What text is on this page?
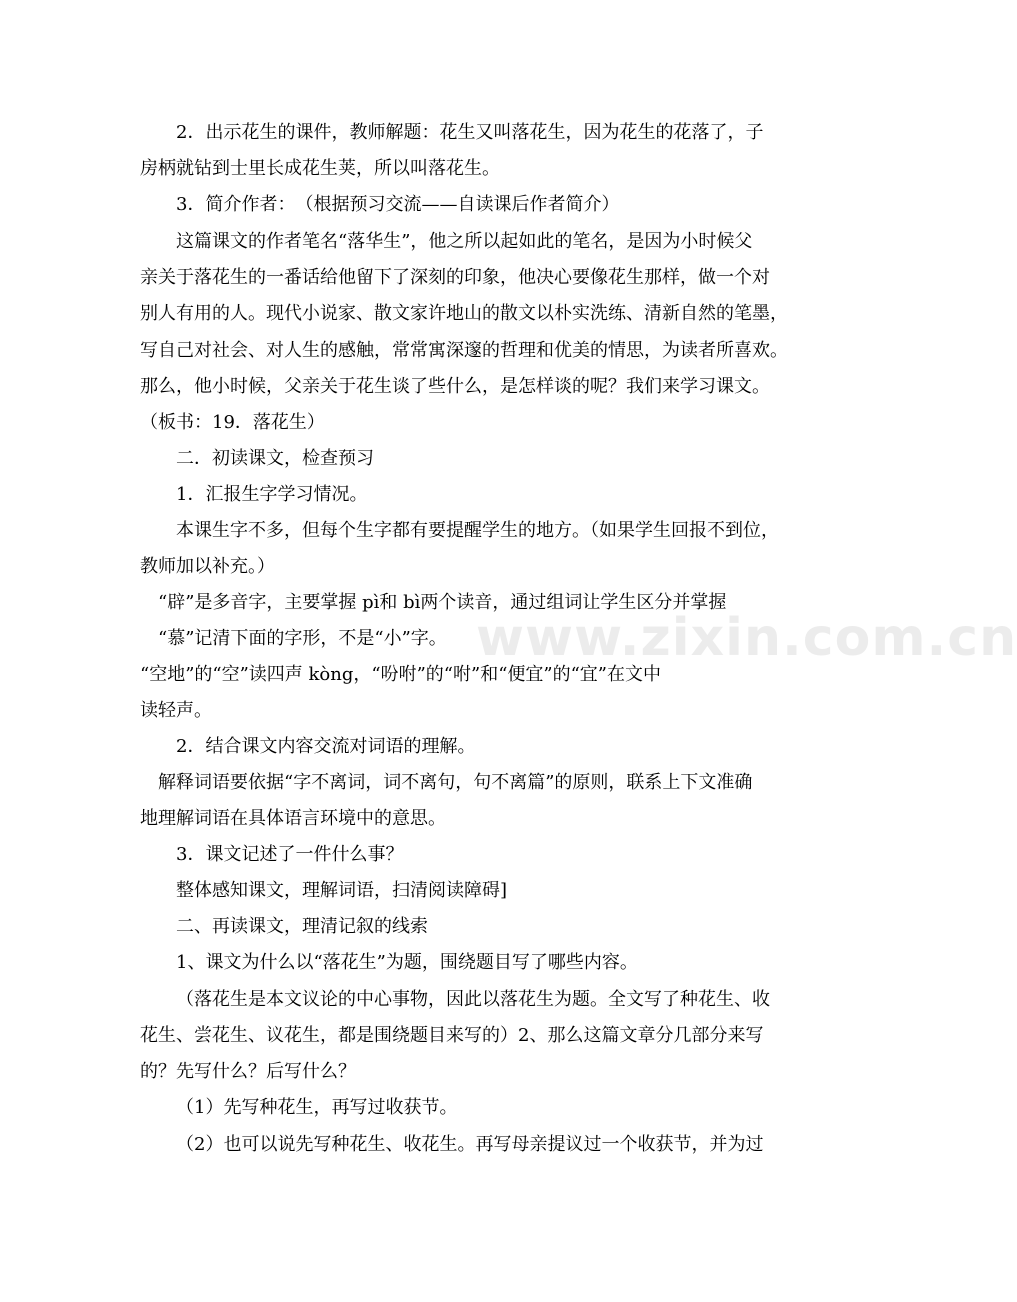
2．出示花生的课件，教师解题：花生又叫落花生，因为花生的花落了，子
房柄就钻到士里长成花生荚，所以叫落花生。
3．简介作者：　（根据预习交流——自读课后作者简介）
这篇课文的作者笔名“落华生”，他之所以起如此的笔名，是因为小时候父
亲关于落花生的一番话给他留下了深刻的印象，他决心要像花生那样，做一个对
别人有用的人。现代小说家、散文家许地山的散文以朴实洗练、清新自然的笔墨，
写自己对社会、对人生的感触，常常寓深邃的哲理和优美的情思，为读者所喜欢。
那么，他小时候，父亲关于花生谈了些什么，是怎样谈的呢？我们来学习课文。
（板书：19．落花生）
二．初读课文，检查预习
1．汇报生字学习情况。
本课生字不多，但每个生字都有要提醒学生的地方。（如果学生回报不到位，
教师加以补充。）
“辟”是多音字，主要掌握 pì和 bì两个读音，通过组词让学生区分并掌握
“慕”记清下面的字形，不是“小”字。
“空地”的“空”读四声 kòng，“吩咐”的“咐”和“便宜”的“宜”在文中
读轻声。
2．结合课文内容交流对词语的理解。
解释词语要依据“字不离词，词不离句，句不离篇”的原则，联系上下文准确
地理解词语在具体语言环境中的意思。
3．课文记述了一件什么事？
整体感知课文，理解词语，扫清阅读障碍]
二、再读课文，理清记叙的线索
1、课文为什么以“落花生”为题，围绕题目写了哪些内容。
（落花生是本文议论的中心事物，因此以落花生为题。全文写了种花生、收
花生、尝花生、议花生，都是围绕题目来写的）2、那么这篇文章分几部分来写
的？先写什么？后写什么？
（1）先写种花生，再写过收获节。
（2）也可以说先写种花生、收花生。再写母亲提议过一个收获节，并为过
www.zixin.com.cn
